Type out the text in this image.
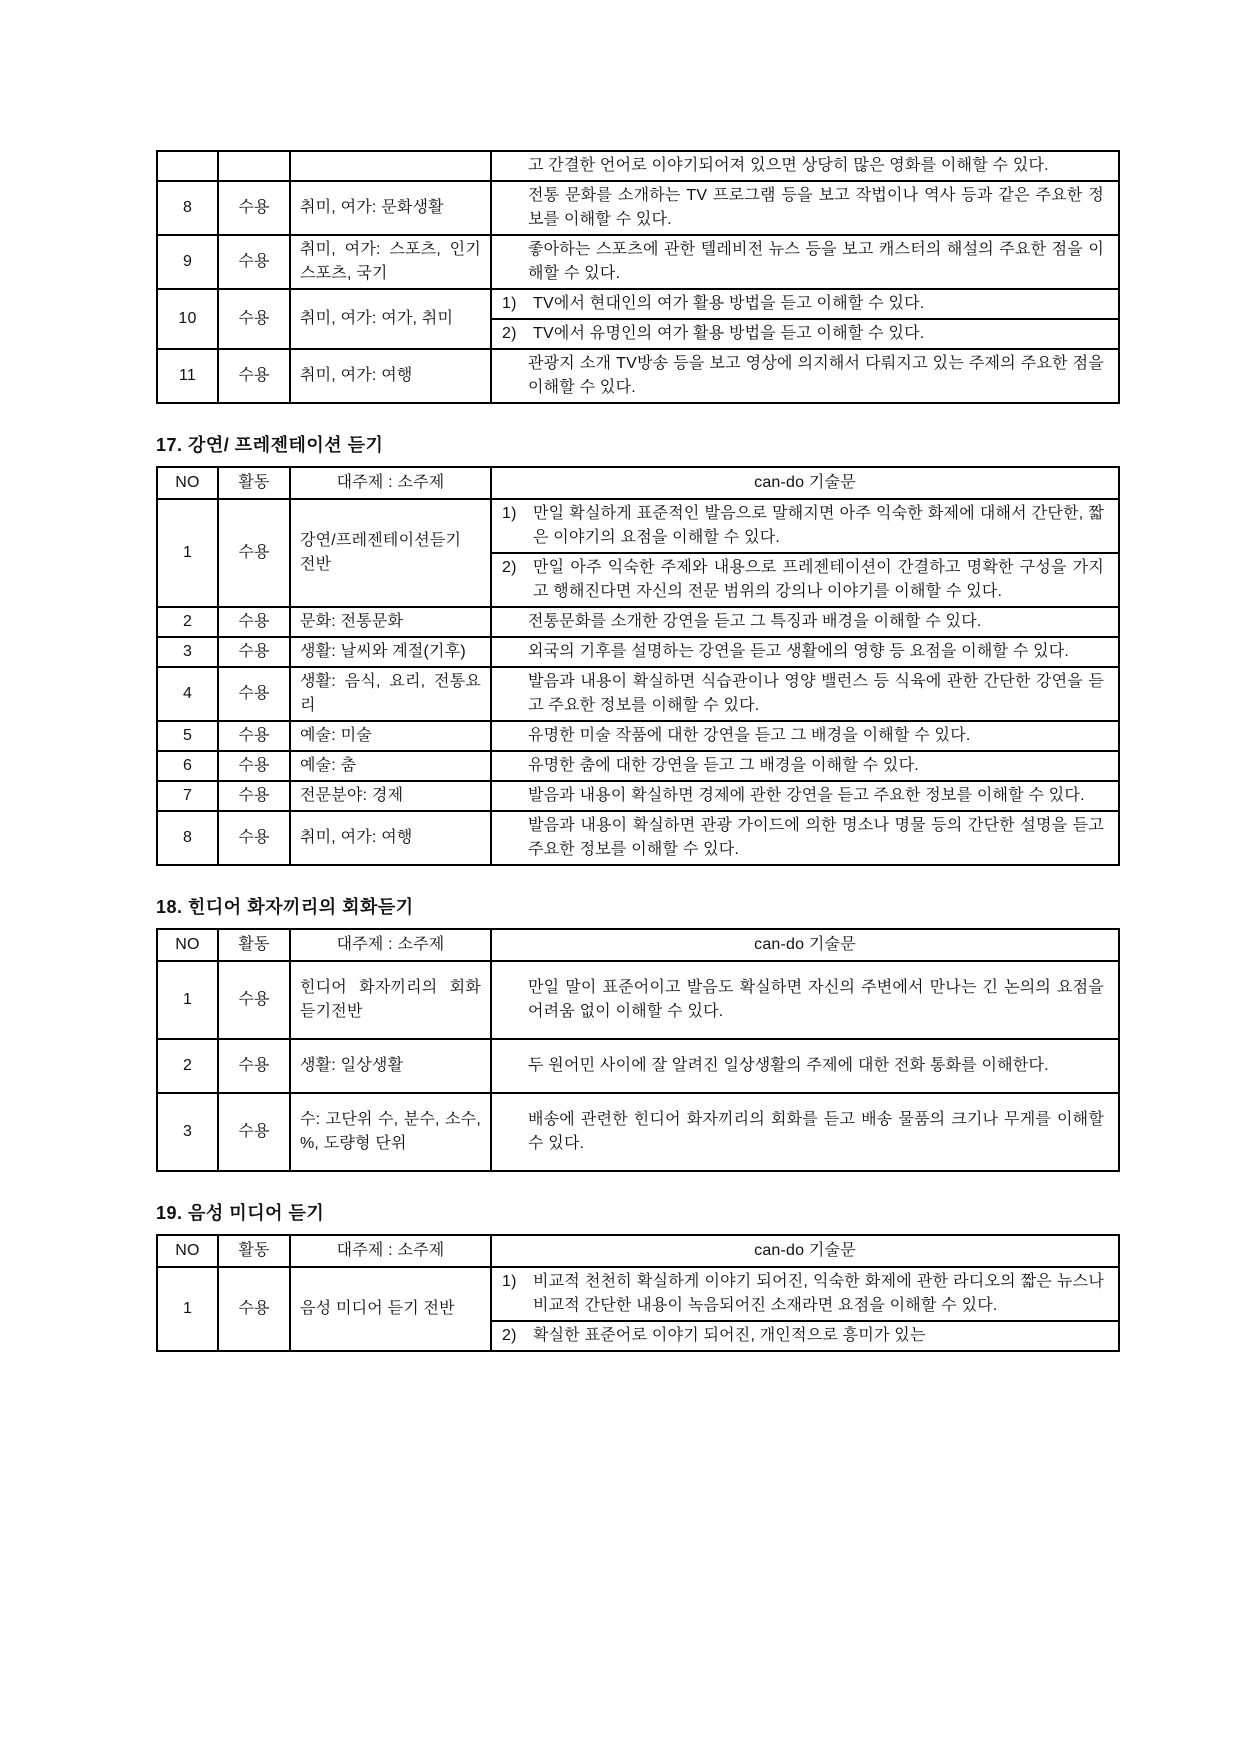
			고 간결한 언어로 이야기되어져 있으면 상당히 많은 영화를 이해할 수 있다.
8	수용	취미, 여가: 문화생활	전통 문화를 소개하는 TV 프로그램 등을 보고 작법이나 역사 등과 같은 주요한 정보를 이해할 수 있다.
9	수용	취미, 여가: 스포츠, 인기스포츠, 국기	좋아하는 스포츠에 관한 텔레비전 뉴스 등을 보고 캐스터의 해설의 주요한 점을 이해할 수 있다.
10	수용	취미, 여가: 여가, 취미	1) TV에서 현대인의 여가 활용 방법을 듣고 이해할 수 있다.

			2) TV에서 유명인의 여가 활용 방법을 듣고 이해할 수 있다.

11	수용	취미, 여가: 여행	관광지 소개 TV방송 등을 보고 영상에 의지해서 다뤄지고 있는 주제의 주요한 점을 이해할 수 있다.
17. 강연/ 프레젠테이션 듣기
NO	활동	대주제 : 소주제	can-do 기술문
1	수용	강연/프레젠테이션듣기 전반	1) 만일 확실하게 표준적인 발음으로 말해지면 아주 익숙한 화제에 대해서 간단한, 짧은 이야기의 요점을 이해할 수 있다.

			2) 만일 아주 익숙한 주제와 내용으로 프레젠테이션이 간결하고 명확한 구성을 가지고 행해진다면 자신의 전문 범위의 강의나 이야기를 이해할 수 있다.

2	수용	문화: 전통문화	전통문화를 소개한 강연을 듣고 그 특징과 배경을 이해할 수 있다.
3	수용	생활: 날씨와 계절(기후)	외국의 기후를 설명하는 강연을 듣고 생활에의 영향 등 요점을 이해할 수 있다.
4	수용	생활: 음식, 요리, 전통요리	발음과 내용이 확실하면 식습관이나 영양 밸런스 등 식육에 관한 간단한 강연을 듣고 주요한 정보를 이해할 수 있다.
5	수용	예술: 미술	유명한 미술 작품에 대한 강연을 듣고 그 배경을 이해할 수 있다.
6	수용	예술: 춤	유명한 춤에 대한 강연을 듣고 그 배경을 이해할 수 있다.
7	수용	전문분야: 경제	발음과 내용이 확실하면 경제에 관한 강연을 듣고 주요한 정보를 이해할 수 있다.
8	수용	취미, 여가: 여행	발음과 내용이 확실하면 관광 가이드에 의한 명소나 명물 등의 간단한 설명을 듣고 주요한 정보를 이해할 수 있다.
18. 힌디어 화자끼리의 회화듣기
NO	활동	대주제 : 소주제	can-do 기술문
1	수용	힌디어 화자끼리의 회화 듣기전반	만일 말이 표준어이고 발음도 확실하면 자신의 주변에서 만나는 긴 논의의 요점을 어려움 없이 이해할 수 있다.
2	수용	생활: 일상생활	두 원어민 사이에 잘 알려진 일상생활의 주제에 대한 전화 통화를 이해한다.
3	수용	수: 고단위 수, 분수, 소수, %, 도량형 단위	배송에 관련한 힌디어 화자끼리의 회화를 듣고 배송 물품의 크기나 무게를 이해할 수 있다.
19. 음성 미디어 듣기
NO	활동	대주제 : 소주제	can-do 기술문
1	수용	음성 미디어 듣기 전반	1) 비교적 천천히 확실하게 이야기 되어진, 익숙한 화제에 관한 라디오의 짧은 뉴스나 비교적 간단한 내용이 녹음되어진 소재라면 요점을 이해할 수 있다.

			2) 확실한 표준어로 이야기 되어진, 개인적으로 흥미가 있는
